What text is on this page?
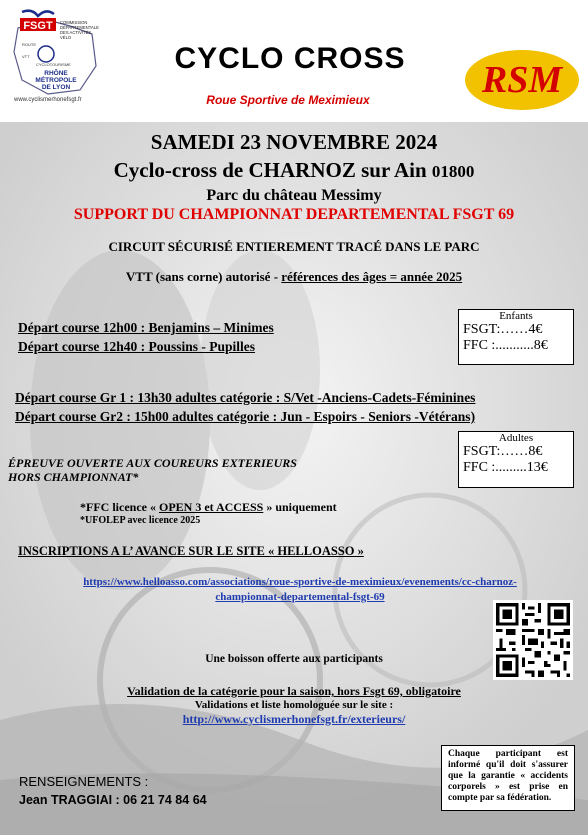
FSGT COMMISSION
DÉPARTEMENTALE
DES ACTIVITÉS
VÉLO
ROUTE
VTT
CYCLOTOURISME
RHÔNE
MÉTROPOLE
DE LYON
www.cyclismerhonefsgt.fr
CYCLO CROSS
Roue Sportive de Meximieux	RSM
SAMEDI 23 NOVEMBRE 2024
Cyclo-cross de CHARNOZ sur Ain 01800
Parc du château Messimy
SUPPORT DU CHAMPIONNAT DEPARTEMENTAL FSGT 69
CIRCUIT SÉCURISÉ ENTIEREMENT TRACÉ DANS LE PARC
VTT (sans corne) autorisé - références des âges = année 2025
Départ course 12h00 : Benjamins – Minimes
Départ course 12h40 : Poussins - Pupilles
Départ course Gr 1 : 13h30 adultes catégorie : S/Vet -Anciens-Cadets-Féminines
Départ course Gr2 : 15h00 adultes catégorie : Jun - Espoirs - Seniors -Vétérans)
Enfants
FSGT:……4€
FFC :...........8€
Adultes
FSGT:……8€
FFC :.........13€
ÉPREUVE OUVERTE AUX COUREURS EXTERIEURS
HORS CHAMPIONNAT*
*FFC licence « OPEN 3 et ACCESS » uniquement
*UFOLEP avec licence 2025
INSCRIPTIONS A L’ AVANCE SUR LE SITE « HELLOASSO »
https://www.helloasso.com/associations/roue-sportive-de-meximieux/evenements/cc-charnoz-
championnat-departemental-fsgt-69
Une boisson offerte aux participants
Validation de la catégorie pour la saison, hors Fsgt 69, obligatoire
Validations et liste homologuée sur le site :
http://www.cyclismerhonefsgt.fr/exterieurs/
Chaque participant est informé qu'il doit s'assurer que la garantie « accidents corporels » est prise en compte par sa fédération.
RENSEIGNEMENTS :
Jean TRAGGIAI : 06 21 74 84 64
